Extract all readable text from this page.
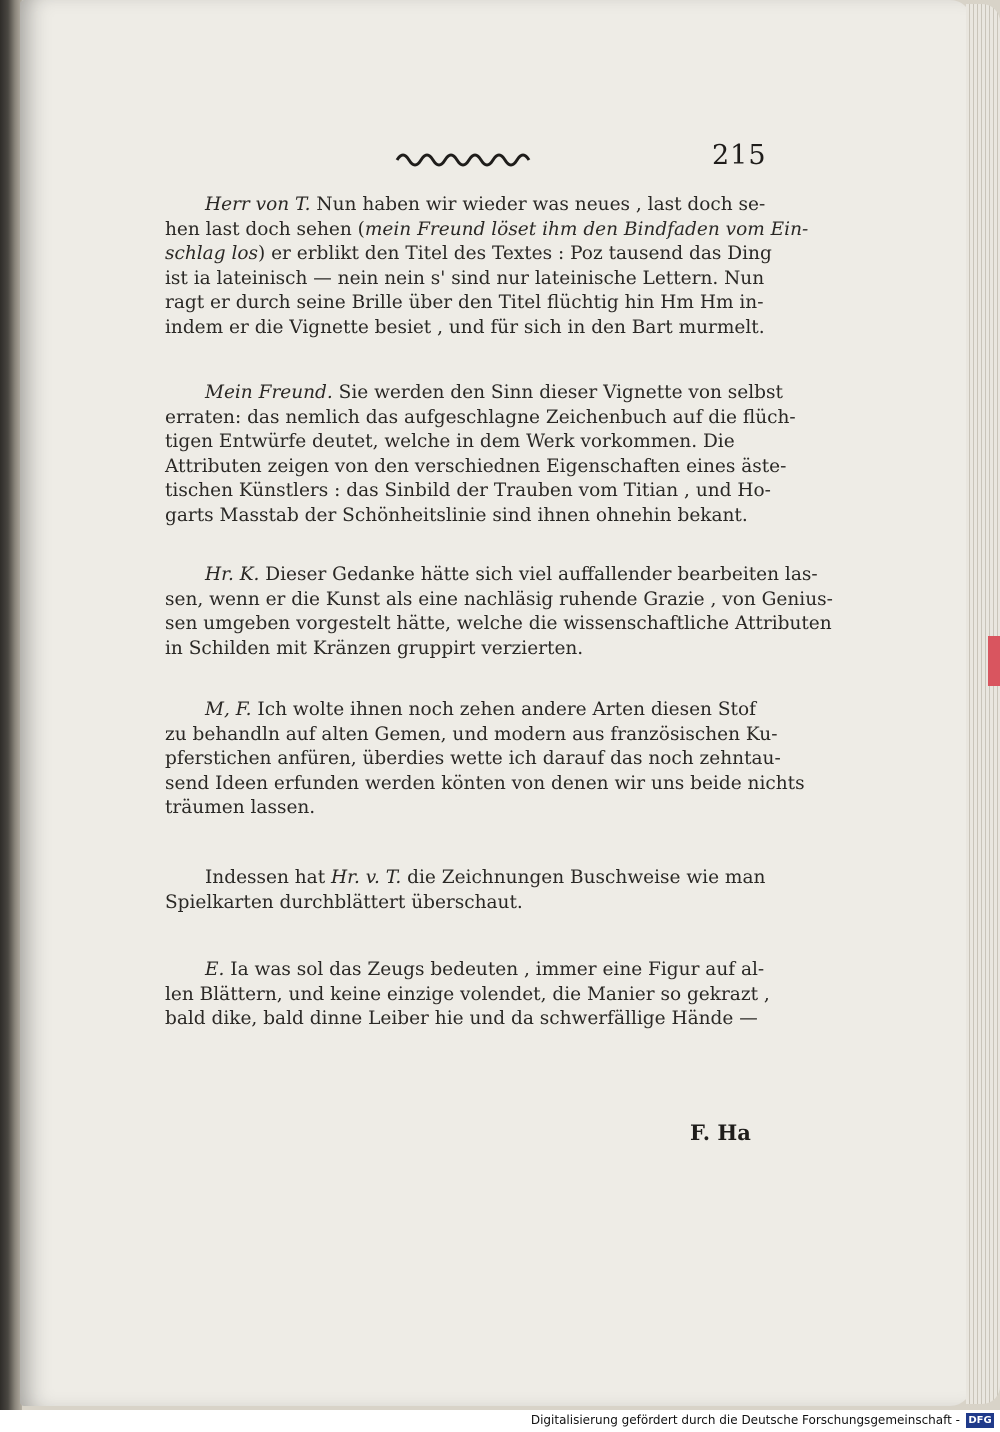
215

Herr von T. Nun haben wir wieder was neues , last doch se-

hen last doch sehen (mein Freund löset ihm den Bindfaden vom Ein-

schlag los) er erblikt den Titel des Textes : Poz tausend das Ding

ist ia lateinisch — nein nein s' sind nur lateinische Lettern. Nun

ragt er durch seine Brille über den Titel flüchtig hin Hm Hm in-

indem er die Vignette besiet , und für sich in den Bart murmelt.

Mein Freund. Sie werden den Sinn dieser Vignette von selbst

erraten: das nemlich das aufgeschlagne Zeichenbuch auf die flüch-

tigen Entwürfe deutet, welche in dem Werk vorkommen. Die

Attributen zeigen von den verschiednen Eigenschaften eines äste-

tischen Künstlers : das Sinbild der Trauben vom Titian , und Ho-

garts Masstab der Schönheitslinie sind ihnen ohnehin bekant.

Hr. K. Dieser Gedanke hätte sich viel auffallender bearbeiten las-

sen, wenn er die Kunst als eine nachläsig ruhende Grazie , von Genius-

sen umgeben vorgestelt hätte, welche die wissenschaftliche Attributen

in Schilden mit Kränzen gruppirt verzierten.

M, F. Ich wolte ihnen noch zehen andere Arten diesen Stof

zu behandln auf alten Gemen, und modern aus französischen Ku-

pferstichen anfüren, überdies wette ich darauf das noch zehntau-

send Ideen erfunden werden könten von denen wir uns beide nichts

träumen lassen.

Indessen hat Hr. v. T. die Zeichnungen Buschweise wie man

Spielkarten durchblättert überschaut.

E. Ia was sol das Zeugs bedeuten , immer eine Figur auf al-

len Blättern, und keine einzige volendet, die Manier so gekrazt ,

bald dike, bald dinne Leiber hie und da schwerfällige Hände —

F. Ha
Digitalisierung gefördert durch die Deutsche Forschungsgemeinschaft - DFG
